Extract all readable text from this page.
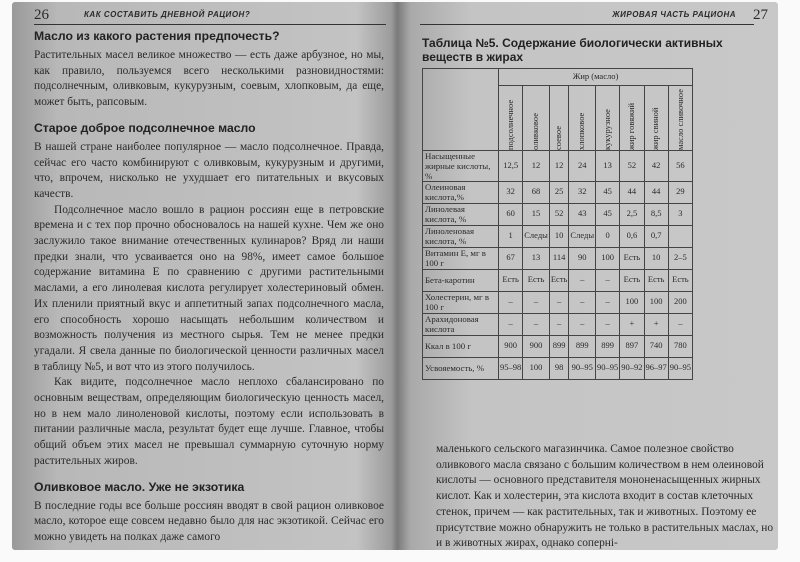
26	КАК СОСТАВИТЬ ДНЕВНОЙ РАЦИОН?
Масло из какого растения предпочесть?

Растительных масел великое множество — есть даже арбузное, но мы, как правило, пользуемся всего несколькими разновидностями: подсолнечным, оливковым, кукурузным, соевым, хлопковым, да еще, может быть, рапсовым.

Старое доброе подсолнечное масло

В нашей стране наиболее популярное — масло подсолнечное. Правда, сейчас его часто комбинируют с оливковым, кукурузным и другими, что, впрочем, нисколько не ухудшает его питательных и вкусовых качеств.

Подсолнечное масло вошло в рацион россиян еще в петровские времена и с тех пор прочно обосновалось на нашей кухне. Чем же оно заслужило такое внимание отечественных кулинаров? Вряд ли наши предки знали, что усваивается оно на 98%, имеет самое большое содержание витамина E по сравнению с другими растительными маслами, а его линолевая кислота регулирует холестериновый обмен. Их пленили приятный вкус и аппетитный запах подсолнечного масла, его способность хорошо насыщать небольшим количеством и возможность получения из местного сырья. Тем не менее предки угадали. Я свела данные по биологической ценности различных масел в таблицу №5, и вот что из этого получилось.

Как видите, подсолнечное масло неплохо сбалансировано по основным веществам, определяющим биологическую ценность масел, но в нем мало линоленовой кислоты, поэтому если использовать в питании различные масла, результат будет еще лучше. Главное, чтобы общий объем этих масел не превышал суммарную суточную норму растительных жиров.

Оливковое масло. Уже не экзотика

В последние годы все больше россиян вводят в свой рацион оливковое масло, которое еще совсем недавно было для нас экзотикой. Сейчас его можно увидеть на полках даже самого

ЖИРОВАЯ ЧАСТЬ РАЦИОНА 27
Таблица №5. Содержание биологически активных веществ в жирах
	Жир (масло)							

	подсолнечное	оливковое	соевое	хлопковое	кукурузное	жир говяжий	жир свиной	масло сливочное

Насыщенные жирные кислоты, %	12,5	12	12	24	13	52	42	56
Олеиновая кислота,%	32	68	25	32	45	44	44	29
Линолевая кислота, %	60	15	52	43	45	2,5	8,5	3
Линоленовая кислота, %	1	Следы	10	Следы	0	0,6	0,7	
Витамин E, мг в 100 г	67	13	114	90	100	Есть	10	2–5
Бета-каротин	Есть	Есть	Есть	–	–	Есть	Есть	Есть
Холестерин, мг в 100 г	–	–	–	–	–	100	100	200
Арахидоновая кислота	–	–	–	–	–	+	+	–
Ккал в 100 г	900	900	899	899	899	897	740	780
Усвояемость, %	95–98	100	98	90–95	90–95	90–92	96–97	90–95
маленького сельского магазинчика. Самое полезное свойство оливкового масла связано с большим количеством в нем олеиновой кислоты — основного представителя мононенасыщенных жирных кислот. Как и холестерин, эта кислота входит в состав клеточных стенок, причем — как растительных, так и животных. Поэтому ее присутствие можно обнаружить не только в растительных маслах, но и в животных жирах, однако сопернi-
